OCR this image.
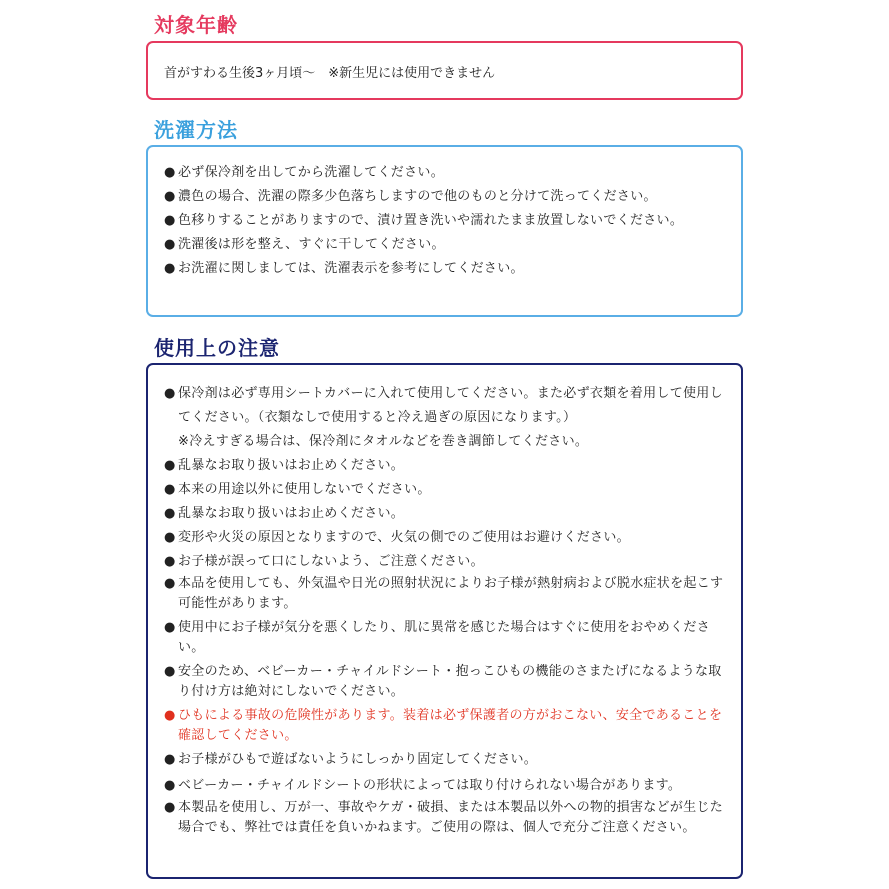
対象年齢
首がすわる生後3ヶ月頃～　※新生児には使用できません
洗濯方法
● 必ず保冷剤を出してから洗濯してください。
● 濃色の場合、洗濯の際多少色落ちしますので他のものと分けて洗ってください。
● 色移りすることがありますので、漬け置き洗いや濡れたまま放置しないでください。
● 洗濯後は形を整え、すぐに干してください。
● お洗濯に関しましては、洗濯表示を参考にしてください。
使用上の注意
● 保冷剤は必ず専用シートカバーに入れて使用してください。また必ず衣類を着用して使用してください。（衣類なしで使用すると冷え過ぎの原因になります。）
※冷えすぎる場合は、保冷剤にタオルなどを巻き調節してください。
● 乱暴なお取り扱いはお止めください。
● 本来の用途以外に使用しないでください。
● 乱暴なお取り扱いはお止めください。
● 変形や火災の原因となりますので、火気の側でのご使用はお避けください。
● お子様が誤って口にしないよう、ご注意ください。
● 本品を使用しても、外気温や日光の照射状況によりお子様が熱射病および脱水症状を起こす可能性があります。
● 使用中にお子様が気分を悪くしたり、肌に異常を感じた場合はすぐに使用をおやめください。
● 安全のため、ベビーカー・チャイルドシート・抱っこひもの機能のさまたげになるような取り付け方は絶対にしないでください。
● ひもによる事故の危険性があります。装着は必ず保護者の方がおこない、安全であることを確認してください。
● お子様がひもで遊ばないようにしっかり固定してください。
● ベビーカー・チャイルドシートの形状によっては取り付けられない場合があります。
● 本製品を使用し、万が一、事故やケガ・破損、または本製品以外への物的損害などが生じた場合でも、弊社では責任を負いかねます。ご使用の際は、個人で充分ご注意ください。
